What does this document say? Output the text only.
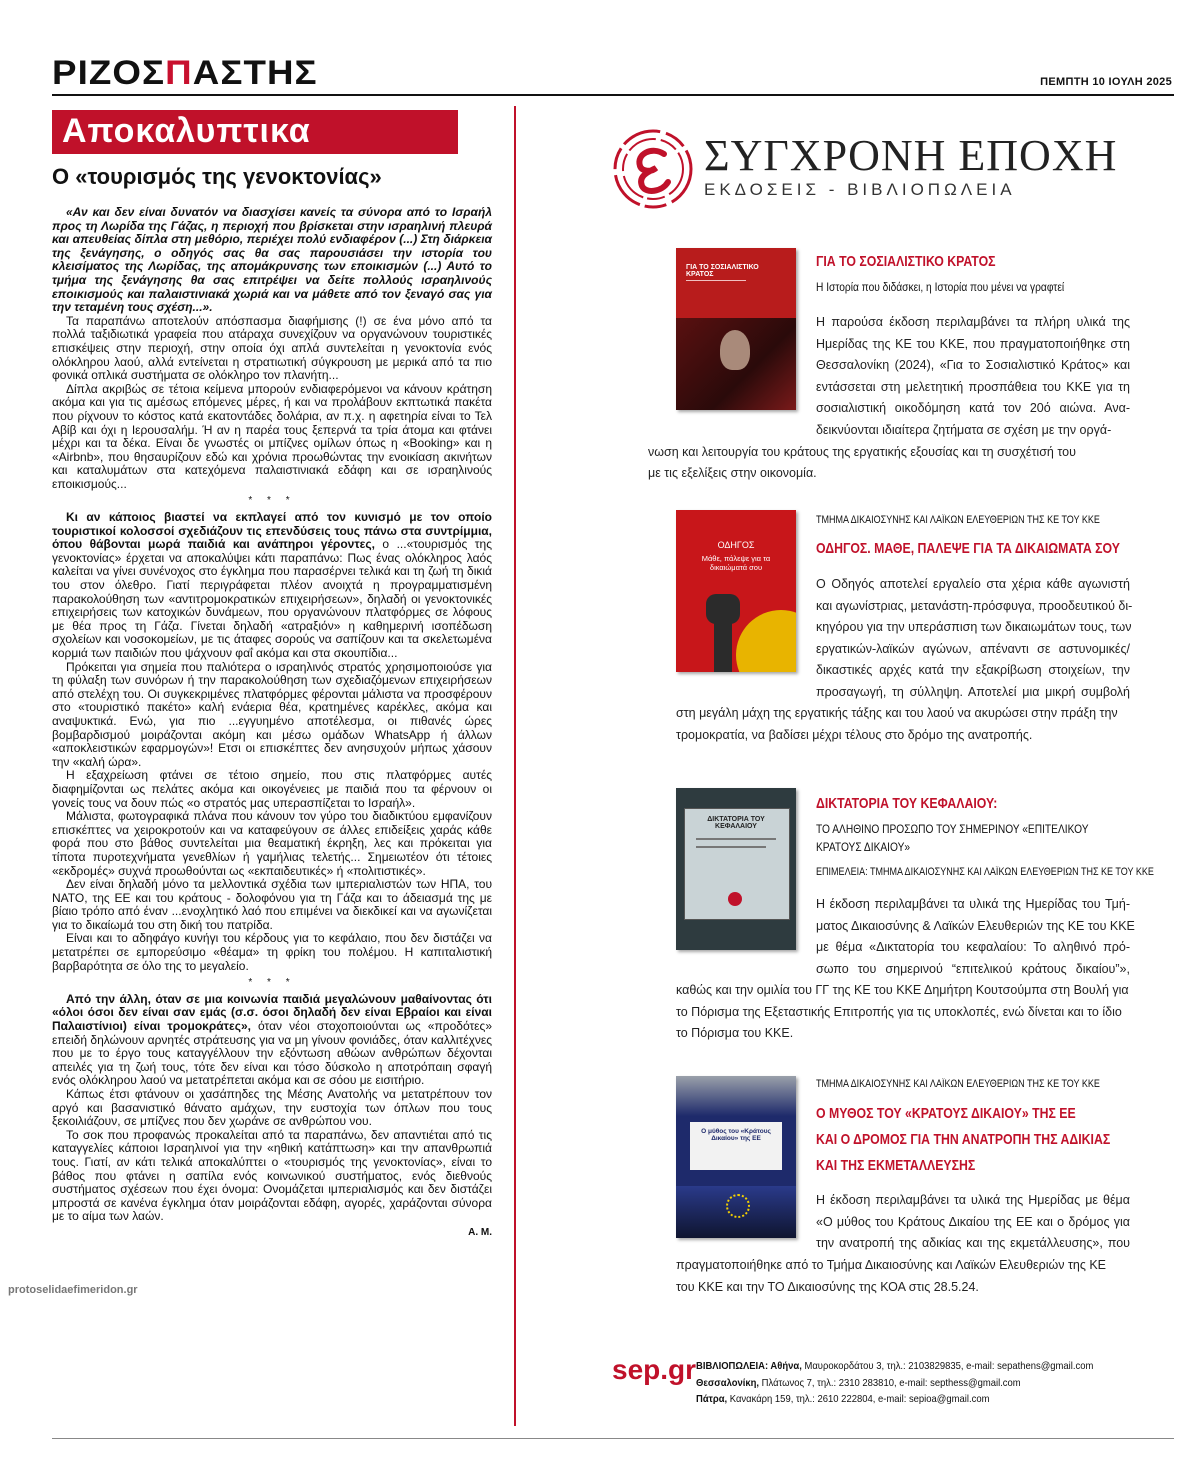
ΡΙΖΟΣΠΑΣΤΗΣ	ΠΕΜΠΤΗ 10 ΙΟΥΛΗ 2025
Αποκαλυπτικα
Ο «τουρισμός της γενοκτονίας»

«Αν και δεν είναι δυνατόν να διασχίσει κανείς τα σύνορα από το Ισραήλ προς τη Λωρίδα της Γάζας, η περιοχή που βρίσκεται στην ισραηλινή πλευρά και απευθείας δίπλα στη μεθόριο, περιέχει πολύ ενδιαφέρον (...) Στη διάρκεια της ξενάγησης, ο οδηγός σας θα σας παρουσιάσει την ιστορία του κλεισίματος της Λωρίδας, της απομάκρυνσης των εποικισμών (...) Αυτό το τμήμα της ξενάγησης θα σας επιτρέψει να δείτε πολλούς ισραηλινούς εποικισμούς και παλαιστινιακά χωριά και να μάθετε από τον ξεναγό σας για την τεταμένη τους σχέση...».

Τα παραπάνω αποτελούν απόσπασμα διαφήμισης (!) σε ένα μόνο από τα πολλά ταξιδιωτικά γραφεία που ατάραχα συνεχίζουν να οργανώνουν τουριστικές επισκέψεις στην περιοχή, στην οποία όχι απλά συντελείται η γενοκτονία ενός ολόκληρου λαού, αλλά εντείνεται η στρατιωτική σύγκρουση με μερικά από τα πιο φονικά οπλικά συστήματα σε ολόκληρο τον πλανήτη...

Δίπλα ακριβώς σε τέτοια κείμενα μπορούν ενδιαφερόμενοι να κάνουν κράτηση ακόμα και για τις αμέσως επόμενες μέρες, ή και να προλάβουν εκπτωτικά πακέτα που ρίχνουν το κόστος κατά εκατοντάδες δολάρια, αν π.χ. η αφετηρία είναι το Τελ Αβίβ και όχι η Ιερουσαλήμ. Ή αν η παρέα τους ξεπερνά τα τρία άτομα και φτάνει μέχρι και τα δέκα. Είναι δε γνωστές οι μπίζνες ομίλων όπως η «Booking» και η «Airbnb», που θησαυρίζουν εδώ και χρόνια προωθώντας την ενοικίαση ακινήτων και καταλυμάτων στα κατεχόμενα παλαιστινιακά εδάφη και σε ισραηλινούς εποικισμούς...

* * *

Κι αν κάποιος βιαστεί να εκπλαγεί από τον κυνισμό με τον οποίο τουριστικοί κολοσσοί σχεδιάζουν τις επενδύσεις τους πάνω στα συντρίμμια, όπου θάβονται μωρά παιδιά και ανάπηροι γέροντες, ο ...«τουρισμός της γενοκτονίας» έρχεται να αποκαλύψει κάτι παραπάνω: Πως ένας ολόκληρος λαός καλείται να γίνει συνένοχος στο έγκλημα που παρασέρνει τελικά και τη ζωή τη δικιά του στον όλεθρο. Γιατί περιγράφεται πλέον ανοιχτά η προγραμματισμένη παρακολούθηση των «αντιτρομοκρατικών επιχειρήσεων», δηλαδή οι γενοκτονικές επιχειρήσεις των κατοχικών δυνάμεων, που οργανώνουν πλατφόρμες σε λόφους με θέα προς τη Γάζα. Γίνεται δηλαδή «ατραξιόν» η καθημερινή ισοπέδωση σχολείων και νοσοκομείων, με τις άταφες σορούς να σαπίζουν και τα σκελετωμένα κορμιά των παιδιών που ψάχνουν φαΐ ακόμα και στα σκουπίδια...

Πρόκειται για σημεία που παλιότερα ο ισραηλινός στρατός χρησιμοποιούσε για τη φύλαξη των συνόρων ή την παρακολούθηση των σχεδιαζόμενων επιχειρήσεων από στελέχη του. Οι συγκεκριμένες πλατφόρμες φέρονται μάλιστα να προσφέρουν στο «τουριστικό πακέτο» καλή ενάερια θέα, κρατημένες καρέκλες, ακόμα και αναψυκτικά. Ενώ, για πιο ...εγγυημένο αποτέλεσμα, οι πιθανές ώρες βομβαρδισμού μοιράζονται ακόμη και μέσω ομάδων WhatsApp ή άλλων «αποκλειστικών εφαρμογών»! Ετσι οι επισκέπτες δεν ανησυχούν μήπως χάσουν την «καλή ώρα».

Η εξαχρείωση φτάνει σε τέτοιο σημείο, που στις πλατφόρμες αυτές διαφημίζονται ως πελάτες ακόμα και οικογένειες με παιδιά που τα φέρνουν οι γονείς τους να δουν πώς «ο στρατός μας υπερασπίζεται το Ισραήλ».

Μάλιστα, φωτογραφικά πλάνα που κάνουν τον γύρο του διαδικτύου εμφανίζουν επισκέπτες να χειροκροτούν και να καταφεύγουν σε άλλες επιδείξεις χαράς κάθε φορά που στο βάθος συντελείται μια θεαματική έκρηξη, λες και πρόκειται για τίποτα πυροτεχνήματα γενεθλίων ή γαμήλιας τελετής... Σημειωτέον ότι τέτοιες «εκδρομές» συχνά προωθούνται ως «εκπαιδευτικές» ή «πολιτιστικές».

Δεν είναι δηλαδή μόνο τα μελλοντικά σχέδια των ιμπεριαλιστών των ΗΠΑ, του ΝΑΤΟ, της ΕΕ και του κράτους - δολοφόνου για τη Γάζα και το άδειασμά της με βίαιο τρόπο από έναν ...ενοχλητικό λαό που επιμένει να διεκδικεί και να αγωνίζεται για το δικαίωμά του στη δική του πατρίδα.

Είναι και το αδηφάγο κυνήγι του κέρδους για το κεφάλαιο, που δεν διστάζει να μετατρέπει σε εμπορεύσιμο «θέαμα» τη φρίκη του πολέμου. Η καπιταλιστική βαρβαρότητα σε όλο της το μεγαλείο.

* * *

Από την άλλη, όταν σε μια κοινωνία παιδιά μεγαλώνουν μαθαίνοντας ότι «όλοι όσοι δεν είναι σαν εμάς (σ.σ. όσοι δηλαδή δεν είναι Εβραίοι και είναι Παλαιστίνιοι) είναι τρομοκράτες», όταν νέοι στοχοποιούνται ως «προδότες» επειδή δηλώνουν αρνητές στράτευσης για να μη γίνουν φονιάδες, όταν καλλιτέχνες που με το έργο τους καταγγέλλουν την εξόντωση αθώων ανθρώπων δέχονται απειλές για τη ζωή τους, τότε δεν είναι και τόσο δύσκολο η αποτρόπαιη σφαγή ενός ολόκληρου λαού να μετατρέπεται ακόμα και σε σόου με εισιτήριο.

Κάπως έτσι φτάνουν οι χασάπηδες της Μέσης Ανατολής να μετατρέπουν τον αργό και βασανιστικό θάνατο αμάχων, την ευστοχία των όπλων που τους ξεκοιλιάζουν, σε μπίζνες που δεν χωράνε σε ανθρώπου νου.

Το σοκ που προφανώς προκαλείται από τα παραπάνω, δεν απαντιέται από τις καταγγελίες κάποιοι Ισραηλινοί για την «ηθική κατάπτωση» και την απανθρωπιά τους. Γιατί, αν κάτι τελικά αποκαλύπτει ο «τουρισμός της γενοκτονίας», είναι το βάθος που φτάνει η σαπίλα ενός κοινωνικού συστήματος, ενός διεθνούς συστήματος σχέσεων που έχει όνομα: Ονομάζεται ιμπεριαλισμός και δεν διστάζει μπροστά σε κανένα έγκλημα όταν μοιράζονται εδάφη, αγορές, χαράζονται σύνορα με το αίμα των λαών.

Α. Μ.
protoselidaefimeridon.gr
ΣΥΓΧΡΟΝΗ ΕΠΟΧΗ
ΕΚΔΟΣΕΙΣ - ΒΙΒΛΙΟΠΩΛΕΙΑ
ΓΙΑ ΤΟ ΣΟΣΙΑΛΙΣΤΙΚΟ ΚΡΑΤΟΣ
ΓΙΑ ΤΟ ΣΟΣΙΑΛΙΣΤΙΚΟ ΚΡΑΤΟΣ
Η Ιστορία που διδάσκει, η Ιστορία που μένει να γραφτεί
Η παρούσα έκδοση περιλαμβάνει τα πλήρη υλικά της
Ημερίδας της ΚΕ του ΚΚΕ, που πραγματοποιήθηκε στη
Θεσσαλονίκη (2024), «Για το Σοσιαλιστικό Κράτος» και
εντάσσεται στη μελετητική προσπάθεια του ΚΚΕ για τη
σοσιαλιστική οικοδόμηση κατά τον 20ό αιώνα. Ανα-
δεικνύονται ιδιαίτερα ζητήματα σε σχέση με την οργά-
νωση και λειτουργία του κράτους της εργατικής εξουσίας και τη συσχέτισή του
με τις εξελίξεις στην οικονομία.
ΟΔΗΓΟΣ
Μάθε, πάλεψε για τα δικαιώματά σου
ΤΜΗΜΑ ΔΙΚΑΙΟΣΥΝΗΣ ΚΑΙ ΛΑΪΚΩΝ ΕΛΕΥΘΕΡΙΩΝ ΤΗΣ ΚΕ ΤΟΥ ΚΚΕ
ΟΔΗΓΟΣ. ΜΑΘΕ, ΠΑΛΕΨΕ ΓΙΑ ΤΑ ΔΙΚΑΙΩΜΑΤΑ ΣΟΥ
Ο Οδηγός αποτελεί εργαλείο στα χέρια κάθε αγωνιστή
και αγωνίστριας, μετανάστη-πρόσφυγα, προοδευτικού δι-
κηγόρου για την υπεράσπιση των δικαιωμάτων τους, των
εργατικών-λαϊκών αγώνων, απέναντι σε αστυνομικές/
δικαστικές αρχές κατά την εξακρίβωση στοιχείων, την
προσαγωγή, τη σύλληψη. Αποτελεί μια μικρή συμβολή
στη μεγάλη μάχη της εργατικής τάξης και του λαού να ακυρώσει στην πράξη την
τρομοκρατία, να βαδίσει μέχρι τέλους στο δρόμο της ανατροπής.
ΔΙΚΤΑΤΟΡΙΑ ΤΟΥ ΚΕΦΑΛΑΙΟΥ
ΔΙΚΤΑΤΟΡΙΑ ΤΟΥ ΚΕΦΑΛΑΙΟΥ:
ΤΟ ΑΛΗΘΙΝΟ ΠΡΟΣΩΠΟ ΤΟΥ ΣΗΜΕΡΙΝΟΥ «ΕΠΙΤΕΛΙΚΟΥ
ΚΡΑΤΟΥΣ ΔΙΚΑΙΟΥ»
ΕΠΙΜΕΛΕΙΑ: ΤΜΗΜΑ ΔΙΚΑΙΟΣΥΝΗΣ ΚΑΙ ΛΑΪΚΩΝ ΕΛΕΥΘΕΡΙΩΝ ΤΗΣ ΚΕ ΤΟΥ ΚΚΕ
Η έκδοση περιλαμβάνει τα υλικά της Ημερίδας του Τμή-
ματος Δικαιοσύνης & Λαϊκών Ελευθεριών της ΚΕ του ΚΚΕ
με θέμα «Δικτατορία του κεφαλαίου: Το αληθινό πρό-
σωπο του σημερινού “επιτελικού κράτους δικαίου”»,
καθώς και την ομιλία του ΓΓ της ΚΕ του ΚΚΕ Δημήτρη Κουτσούμπα στη Βουλή για
το Πόρισμα της Εξεταστικής Επιτροπής για τις υποκλοπές, ενώ δίνεται και το ίδιο
το Πόρισμα του ΚΚΕ.
Ο μύθος του «Κράτους Δικαίου» της ΕΕ
ΤΜΗΜΑ ΔΙΚΑΙΟΣΥΝΗΣ ΚΑΙ ΛΑΪΚΩΝ ΕΛΕΥΘΕΡΙΩΝ ΤΗΣ ΚΕ ΤΟΥ ΚΚΕ
Ο ΜΥΘΟΣ ΤΟΥ «ΚΡΑΤΟΥΣ ΔΙΚΑΙΟΥ» ΤΗΣ ΕΕ
ΚΑΙ Ο ΔΡΟΜΟΣ ΓΙΑ ΤΗΝ ΑΝΑΤΡΟΠΗ ΤΗΣ ΑΔΙΚΙΑΣ
ΚΑΙ ΤΗΣ ΕΚΜΕΤΑΛΛΕΥΣΗΣ
Η έκδοση περιλαμβάνει τα υλικά της Ημερίδας με θέμα
«Ο μύθος του Κράτους Δικαίου της ΕΕ και ο δρόμος για
την ανατροπή της αδικίας και της εκμετάλλευσης», που
πραγματοποιήθηκε από το Τμήμα Δικαιοσύνης και Λαϊκών Ελευθεριών της ΚΕ
του ΚΚΕ και την ΤΟ Δικαιοσύνης της ΚΟΑ στις 28.5.24.
sep.gr ΒΙΒΛΙΟΠΩΛΕΙΑ: Αθήνα, Μαυροκορδάτου 3, τηλ.: 2103829835, e-mail: sepathens@gmail.com
Θεσσαλονίκη, Πλάτωνος 7, τηλ.: 2310 283810, e-mail: septhess@gmail.com
Πάτρα, Κανακάρη 159, τηλ.: 2610 222804, e-mail: sepioa@gmail.com
